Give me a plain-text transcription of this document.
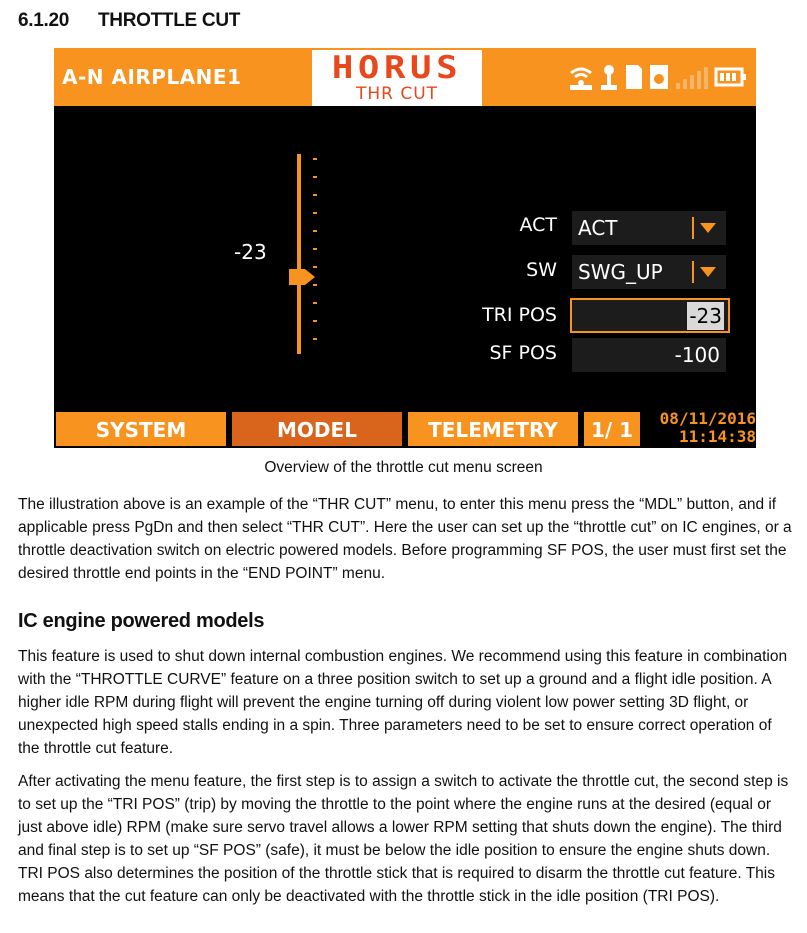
6.1.20 THROTTLE CUT
A-N AIRPLANE1	HORUS
THR CUT
-23
ACT ACT
SW SWG_UP
TRI POS	-23
SF POS	-100
SYSTEM	MODEL	TELEMETRY	1/ 1	08/11/2016
11:14:38
Overview of the throttle cut menu screen

The illustration above is an example of the “THR CUT” menu, to enter this menu press the “MDL” button, and if applicable press PgDn and then select “THR CUT”. Here the user can set up the “throttle cut” on IC engines, or a throttle deactivation switch on electric powered models. Before programming SF POS, the user must first set the desired throttle end points in the “END POINT” menu.

IC engine powered models

This feature is used to shut down internal combustion engines. We recommend using this feature in combination with the “THROTTLE CURVE” feature on a three position switch to set up a ground and a flight idle position. A higher idle RPM during flight will prevent the engine turning off during violent low power setting 3D flight, or unexpected high speed stalls ending in a spin. Three parameters need to be set to ensure correct operation of the throttle cut feature.

After activating the menu feature, the first step is to assign a switch to activate the throttle cut, the second step is to set up the “TRI POS” (trip) by moving the throttle to the point where the engine runs at the desired (equal or just above idle) RPM (make sure servo travel allows a lower RPM setting that shuts down the engine). The third and final step is to set up “SF POS” (safe), it must be below the idle position to ensure the engine shuts down. TRI POS also determines the position of the throttle stick that is required to disarm the throttle cut feature. This means that the cut feature can only be deactivated with the throttle stick in the idle position (TRI POS).
